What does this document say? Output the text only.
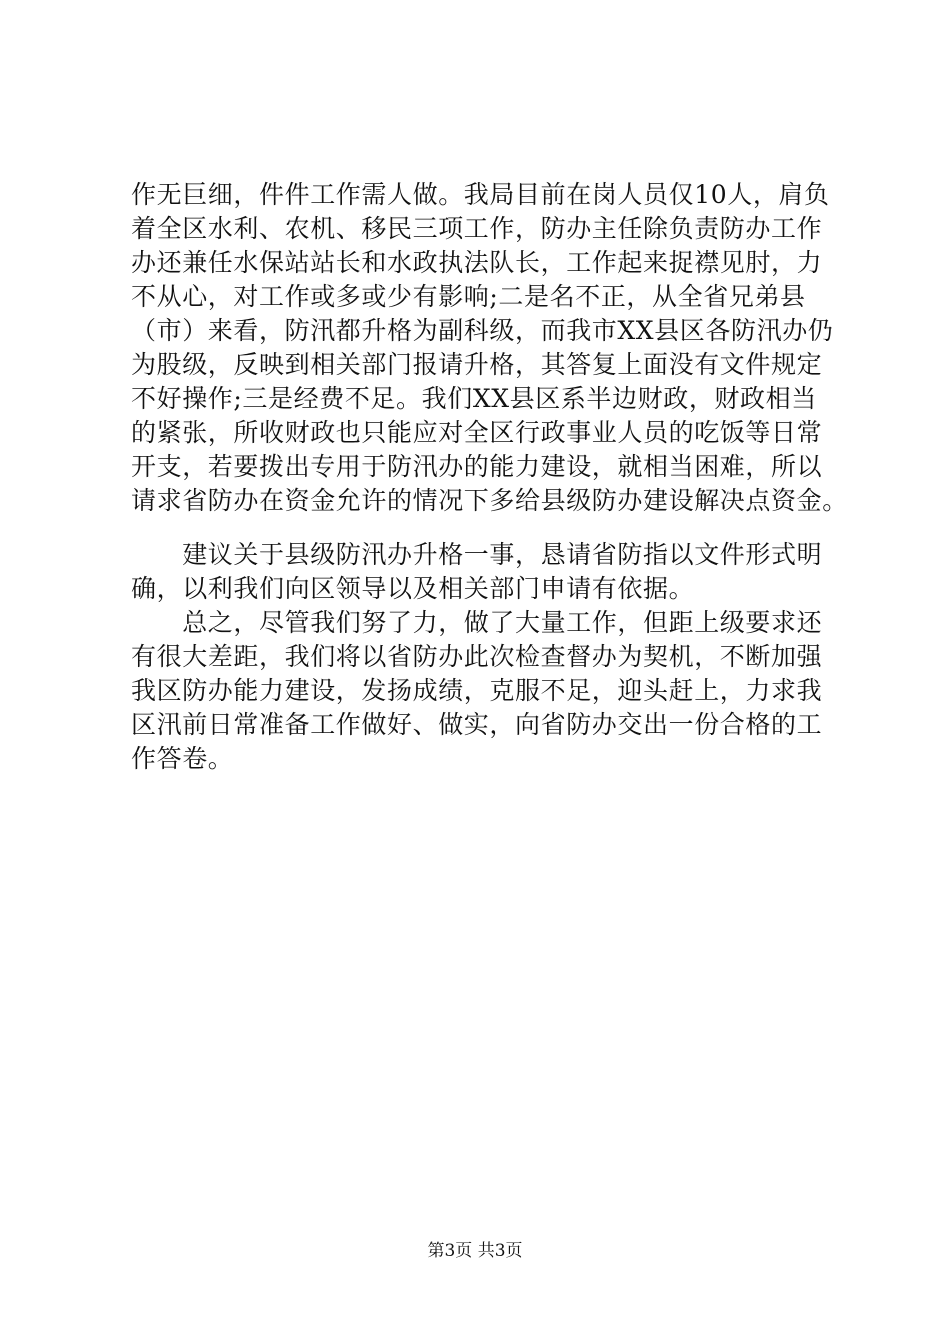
作无巨细，件件工作需人做。我局目前在岗人员仅10人，肩负
着全区水利、农机、移民三项工作，防办主任除负责防办工作
办还兼任水保站站长和水政执法队长，工作起来捉襟见肘，力
不从心，对工作或多或少有影响;二是名不正，从全省兄弟县
（市）来看，防汛都升格为副科级，而我市XX县区各防汛办仍
为股级，反映到相关部门报请升格，其答复上面没有文件规定
不好操作;三是经费不足。我们XX县区系半边财政，财政相当
的紧张，所收财政也只能应对全区行政事业人员的吃饭等日常
开支，若要拨出专用于防汛办的能力建设，就相当困难，所以
请求省防办在资金允许的情况下多给县级防办建设解决点资金。
　　建议关于县级防汛办升格一事，恳请省防指以文件形式明
确，以利我们向区领导以及相关部门申请有依据。
　　总之，尽管我们努了力，做了大量工作，但距上级要求还
有很大差距，我们将以省防办此次检查督办为契机，不断加强
我区防办能力建设，发扬成绩，克服不足，迎头赶上，力求我
区汛前日常准备工作做好、做实，向省防办交出一份合格的工
作答卷。
第3页 共3页
